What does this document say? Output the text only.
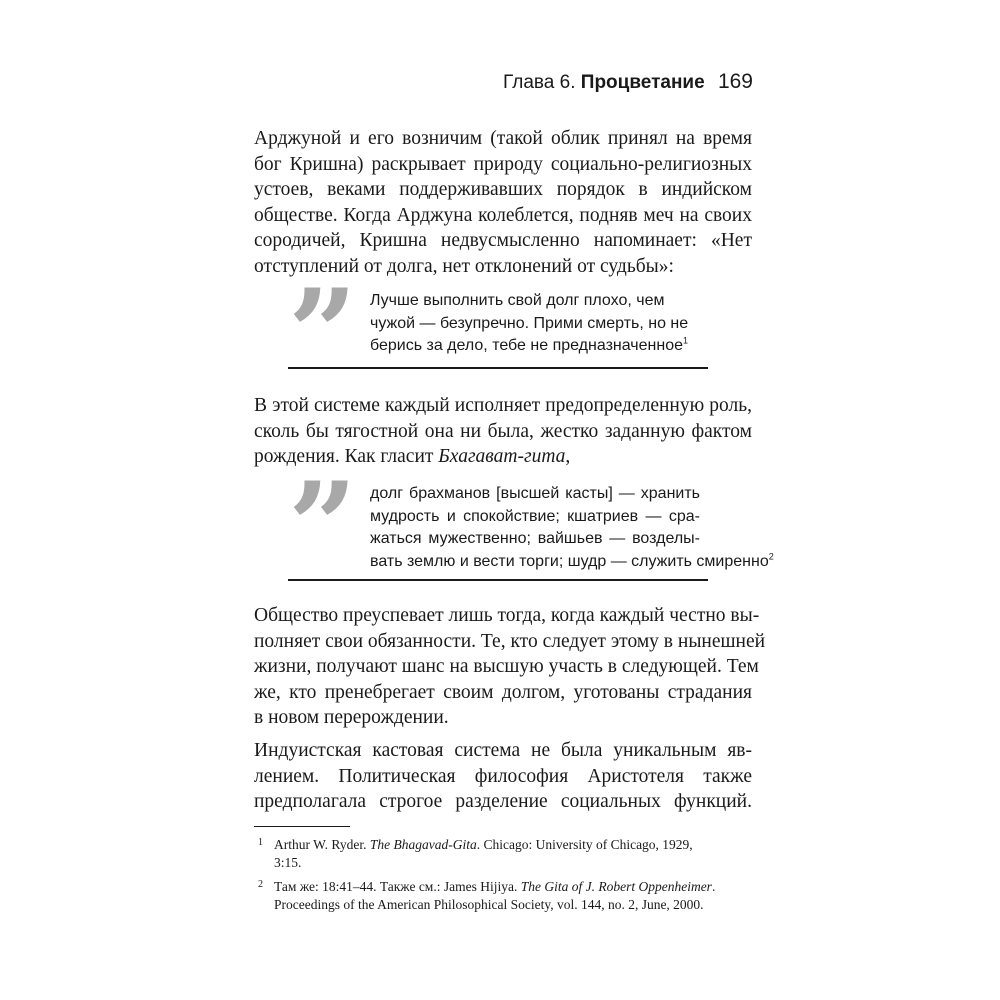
Глава 6. Процветание 169

Арджуной и его возничим (такой облик принял на время
бог Кришна) раскрывает природу социально-религиозных
устоев, веками поддерживавших порядок в индийском
обществе. Когда Арджуна колеблется, подняв меч на своих
сородичей, Кришна недвусмысленно напоминает: «Нет
отступлений от долга, нет отклонений от судьбы»:

” Лучше выполнить свой долг плохо, чем
чужой — безупречно. Прими смерть, но не
берись за дело, тебе не предназначенное$^1$

В этой системе каждый исполняет предопределенную роль,
сколь бы тягостной она ни была, жестко заданную фактом
рождения. Как гласит Бхагават-гита,

” долг брахманов [высшей касты] — хранить
мудрость и спокойствие; кшатриев — сра-
жаться мужественно; вайшьев — возделы-
вать землю и вести торги; шудр — служить смиренно$^2$

Общество преуспевает лишь тогда, когда каждый честно вы-
полняет свои обязанности. Те, кто следует этому в нынешней
жизни, получают шанс на высшую участь в следующей. Тем
же, кто пренебрегает своим долгом, уготованы страдания
в новом перерождении.

Индуистская кастовая система не была уникальным яв-
лением. Политическая философия Аристотеля также
предполагала строгое разделение социальных функций.

1 Arthur W. Ryder. The Bhagavad-Gita. Chicago: University of Chicago, 1929,
3:15.
2 Там же: 18:41–44. Также см.: James Hijiya. The Gita of J. Robert Oppenheimer.
Proceedings of the American Philosophical Society, vol. 144, no. 2, June, 2000.
